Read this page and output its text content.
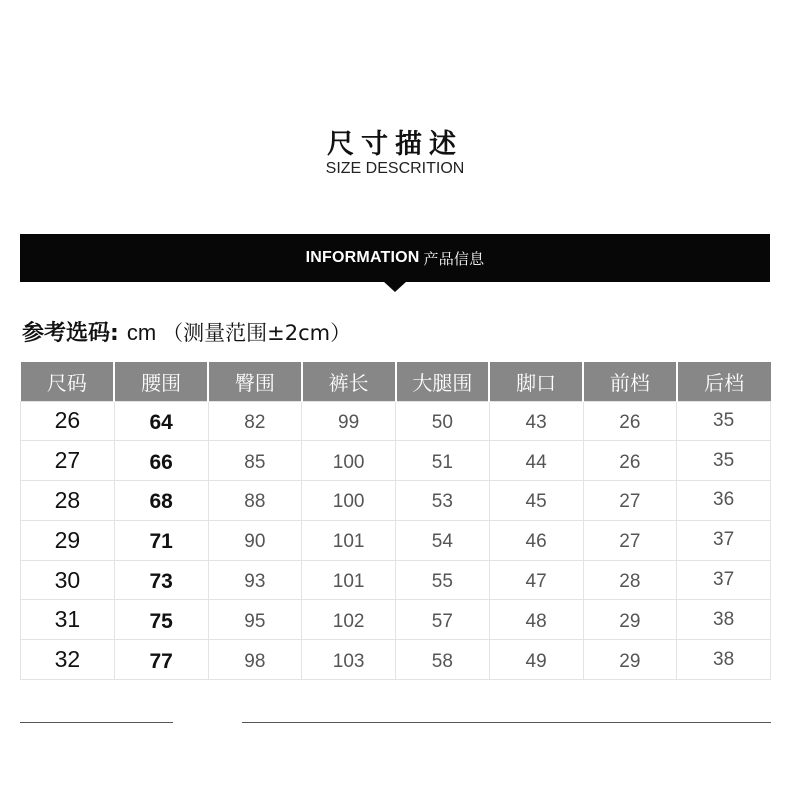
尺寸描述
SIZE DESCRITION
INFORMATION 产品信息
参考选码 : cm （测量范围±2cm）
尺码	腰围	臀围	裤长	大腿围	脚口	前档	后档
26	64	82	99	50	43	26	35
27	66	85	100	51	44	26	35
28	68	88	100	53	45	27	36
29	71	90	101	54	46	27	37
30	73	93	101	55	47	28	37
31	75	95	102	57	48	29	38
32	77	98	103	58	49	29	38
